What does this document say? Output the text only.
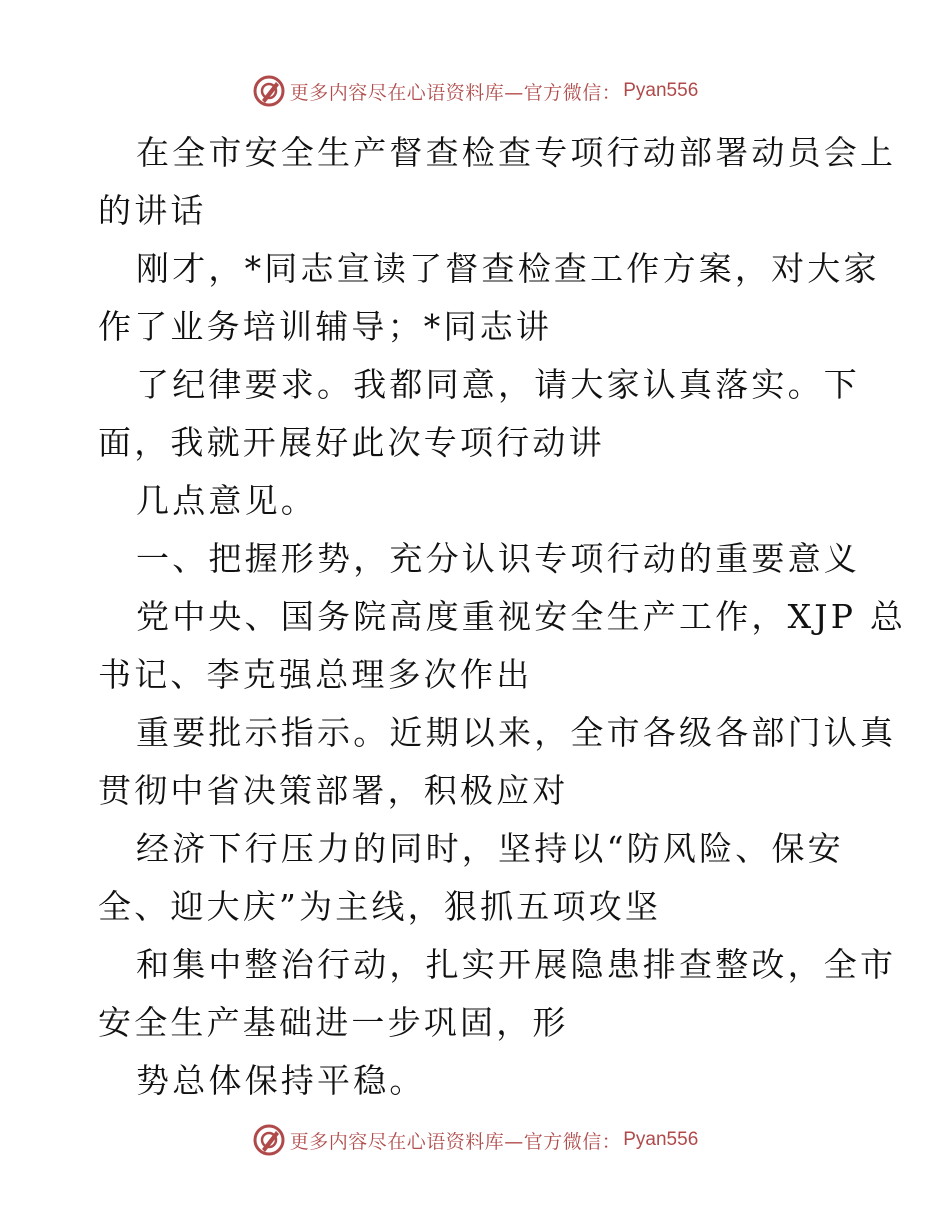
更多内容尽在心语资料库—官方微信： Pyan556

在全市安全生产督查检查专项行动部署动员会上
的讲话

刚才，*同志宣读了督查检查工作方案，对大家
作了业务培训辅导；*同志讲

了纪律要求。我都同意，请大家认真落实。下
面，我就开展好此次专项行动讲

几点意见。

一、把握形势，充分认识专项行动的重要意义

党中央、国务院高度重视安全生产工作，XJP 总
书记、李克强总理多次作出

重要批示指示。近期以来，全市各级各部门认真
贯彻中省决策部署，积极应对

经济下行压力的同时，坚持以“防风险、保安
全、迎大庆”为主线，狠抓五项攻坚

和集中整治行动，扎实开展隐患排查整改，全市
安全生产基础进一步巩固，形

势总体保持平稳。

更多内容尽在心语资料库—官方微信： Pyan556
